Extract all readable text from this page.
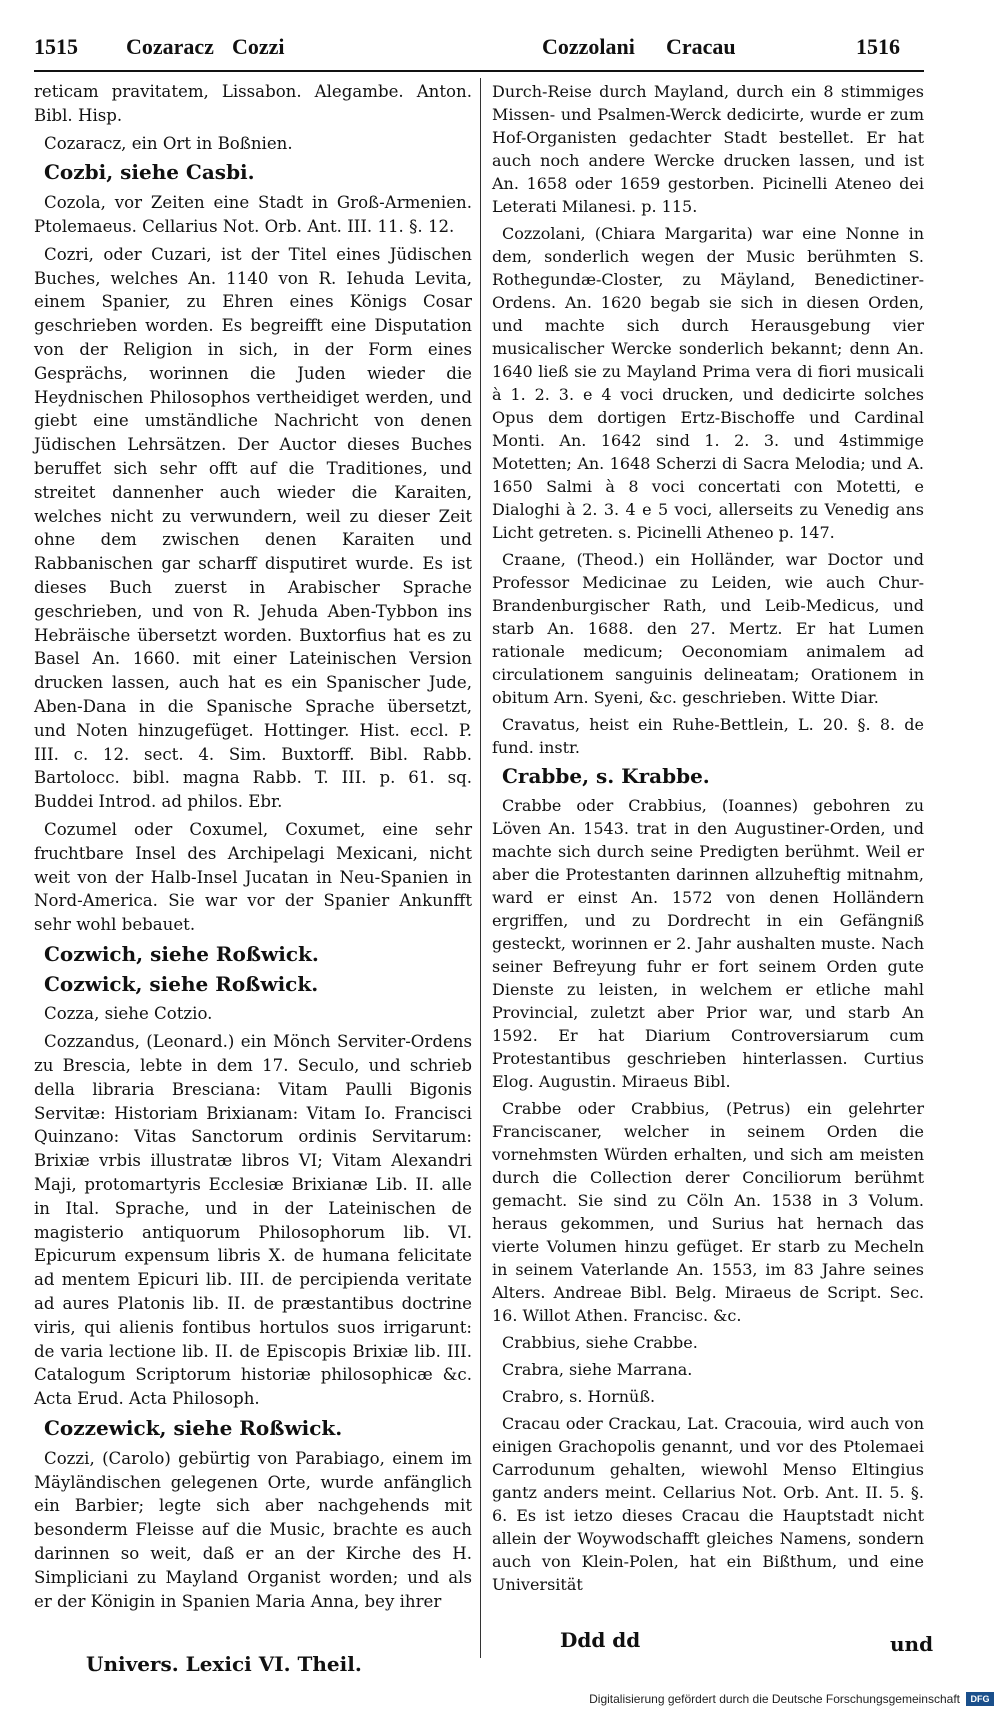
1515 Cozaracz Cozzi	Cozzolani Cracau	1516
reticam pravitatem, Lissabon. Alegambe. Anton. Bibl. Hisp.
Cozaracz, ein Ort in Boßnien.
Cozbi, siehe Casbi.
Cozola, vor Zeiten eine Stadt in Groß-Armenien. Ptolemaeus. Cellarius Not. Orb. Ant. III. 11. §. 12.
Cozri, oder Cuzari, ist der Titel eines Jüdischen Buches, welches An. 1140 von R. Iehuda Levita, einem Spanier, zu Ehren eines Königs Cosar geschrieben worden. Es begreifft eine Disputation von der Religion in sich, in der Form eines Gesprächs, worinnen die Juden wieder die Heydnischen Philosophos vertheidiget werden, und giebt eine umständliche Nachricht von denen Jüdischen Lehrsätzen. Der Auctor dieses Buches beruffet sich sehr offt auf die Traditiones, und streitet dannenher auch wieder die Karaiten, welches nicht zu verwundern, weil zu dieser Zeit ohne dem zwischen denen Karaiten und Rabbanischen gar scharff disputiret wurde. Es ist dieses Buch zuerst in Arabischer Sprache geschrieben, und von R. Jehuda Aben-Tybbon ins Hebräische übersetzt worden. Buxtorfius hat es zu Basel An. 1660. mit einer Lateinischen Version drucken lassen, auch hat es ein Spanischer Jude, Aben-Dana in die Spanische Sprache übersetzt, und Noten hinzugefüget. Hottinger. Hist. eccl. P. III. c. 12. sect. 4. Sim. Buxtorff. Bibl. Rabb. Bartolocc. bibl. magna Rabb. T. III. p. 61. sq. Buddei Introd. ad philos. Ebr.
Cozumel oder Coxumel, Coxumet, eine sehr fruchtbare Insel des Archipelagi Mexicani, nicht weit von der Halb-Insel Jucatan in Neu-Spanien in Nord-America. Sie war vor der Spanier Ankunfft sehr wohl bebauet.
Cozwich, siehe Roßwick.
Cozwick, siehe Roßwick.
Cozza, siehe Cotzio.
Cozzandus, (Leonard.) ein Mönch Serviter-Ordens zu Brescia, lebte in dem 17. Seculo, und schrieb della libraria Bresciana: Vitam Paulli Bigonis Servitæ: Historiam Brixianam: Vitam Io. Francisci Quinzano: Vitas Sanctorum ordinis Servitarum: Brixiæ vrbis illustratæ libros VI; Vitam Alexandri Maji, protomartyris Ecclesiæ Brixianæ Lib. II. alle in Ital. Sprache, und in der Lateinischen de magisterio antiquorum Philosophorum lib. VI. Epicurum expensum libris X. de humana felicitate ad mentem Epicuri lib. III. de percipienda veritate ad aures Platonis lib. II. de præstantibus doctrine viris, qui alienis fontibus hortulos suos irrigarunt: de varia lectione lib. II. de Episcopis Brixiæ lib. III. Catalogum Scriptorum historiæ philosophicæ &c. Acta Erud. Acta Philosoph.
Cozzewick, siehe Roßwick.
Cozzi, (Carolo) gebürtig von Parabiago, einem im Mäyländischen gelegenen Orte, wurde anfänglich ein Barbier; legte sich aber nachgehends mit besonderm Fleisse auf die Music, brachte es auch darinnen so weit, daß er an der Kirche des H. Simpliciani zu Mayland Organist worden; und als er der Königin in Spanien Maria Anna, bey ihrer
Durch-Reise durch Mayland, durch ein 8 stimmiges Missen- und Psalmen-Werck dedicirte, wurde er zum Hof-Organisten gedachter Stadt bestellet. Er hat auch noch andere Wercke drucken lassen, und ist An. 1658 oder 1659 gestorben. Picinelli Ateneo dei Leterati Milanesi. p. 115.
Cozzolani, (Chiara Margarita) war eine Nonne in dem, sonderlich wegen der Music berühmten S. Rothegundæ-Closter, zu Mäyland, Benedictiner-Ordens. An. 1620 begab sie sich in diesen Orden, und machte sich durch Herausgebung vier musicalischer Wercke sonderlich bekannt; denn An. 1640 ließ sie zu Mayland Prima vera di fiori musicali à 1. 2. 3. e 4 voci drucken, und dedicirte solches Opus dem dortigen Ertz-Bischoffe und Cardinal Monti. An. 1642 sind 1. 2. 3. und 4stimmige Motetten; An. 1648 Scherzi di Sacra Melodia; und A. 1650 Salmi à 8 voci concertati con Motetti, e Dialoghi à 2. 3. 4 e 5 voci, allerseits zu Venedig ans Licht getreten. s. Picinelli Atheneo p. 147.
Craane, (Theod.) ein Holländer, war Doctor und Professor Medicinae zu Leiden, wie auch Chur-Brandenburgischer Rath, und Leib-Medicus, und starb An. 1688. den 27. Mertz. Er hat Lumen rationale medicum; Oeconomiam animalem ad circulationem sanguinis delineatam; Orationem in obitum Arn. Syeni, &c. geschrieben. Witte Diar.
Cravatus, heist ein Ruhe-Bettlein, L. 20. §. 8. de fund. instr.
Crabbe, s. Krabbe.
Crabbe oder Crabbius, (Ioannes) gebohren zu Löven An. 1543. trat in den Augustiner-Orden, und machte sich durch seine Predigten berühmt. Weil er aber die Protestanten darinnen allzuheftig mitnahm, ward er einst An. 1572 von denen Holländern ergriffen, und zu Dordrecht in ein Gefängniß gesteckt, worinnen er 2. Jahr aushalten muste. Nach seiner Befreyung fuhr er fort seinem Orden gute Dienste zu leisten, in welchem er etliche mahl Provincial, zuletzt aber Prior war, und starb An 1592. Er hat Diarium Controversiarum cum Protestantibus geschrieben hinterlassen. Curtius Elog. Augustin. Miraeus Bibl.
Crabbe oder Crabbius, (Petrus) ein gelehrter Franciscaner, welcher in seinem Orden die vornehmsten Würden erhalten, und sich am meisten durch die Collection derer Conciliorum berühmt gemacht. Sie sind zu Cöln An. 1538 in 3 Volum. heraus gekommen, und Surius hat hernach das vierte Volumen hinzu gefüget. Er starb zu Mecheln in seinem Vaterlande An. 1553, im 83 Jahre seines Alters. Andreae Bibl. Belg. Miraeus de Script. Sec. 16. Willot Athen. Francisc. &c.
Crabbius, siehe Crabbe.
Crabra, siehe Marrana.
Crabro, s. Hornüß.
Cracau oder Crackau, Lat. Cracouia, wird auch von einigen Grachopolis genannt, und vor des Ptolemaei Carrodunum gehalten, wiewohl Menso Eltingius gantz anders meint. Cellarius Not. Orb. Ant. II. 5. §. 6. Es ist ietzo dieses Cracau die Hauptstadt nicht allein der Woywodschafft gleiches Namens, sondern auch von Klein-Polen, hat ein Bißthum, und eine Universität
Univers. Lexici VI. Theil.
Ddd dd	und
Digitalisierung gefördert durch die Deutsche Forschungsgemeinschaft	DFG
